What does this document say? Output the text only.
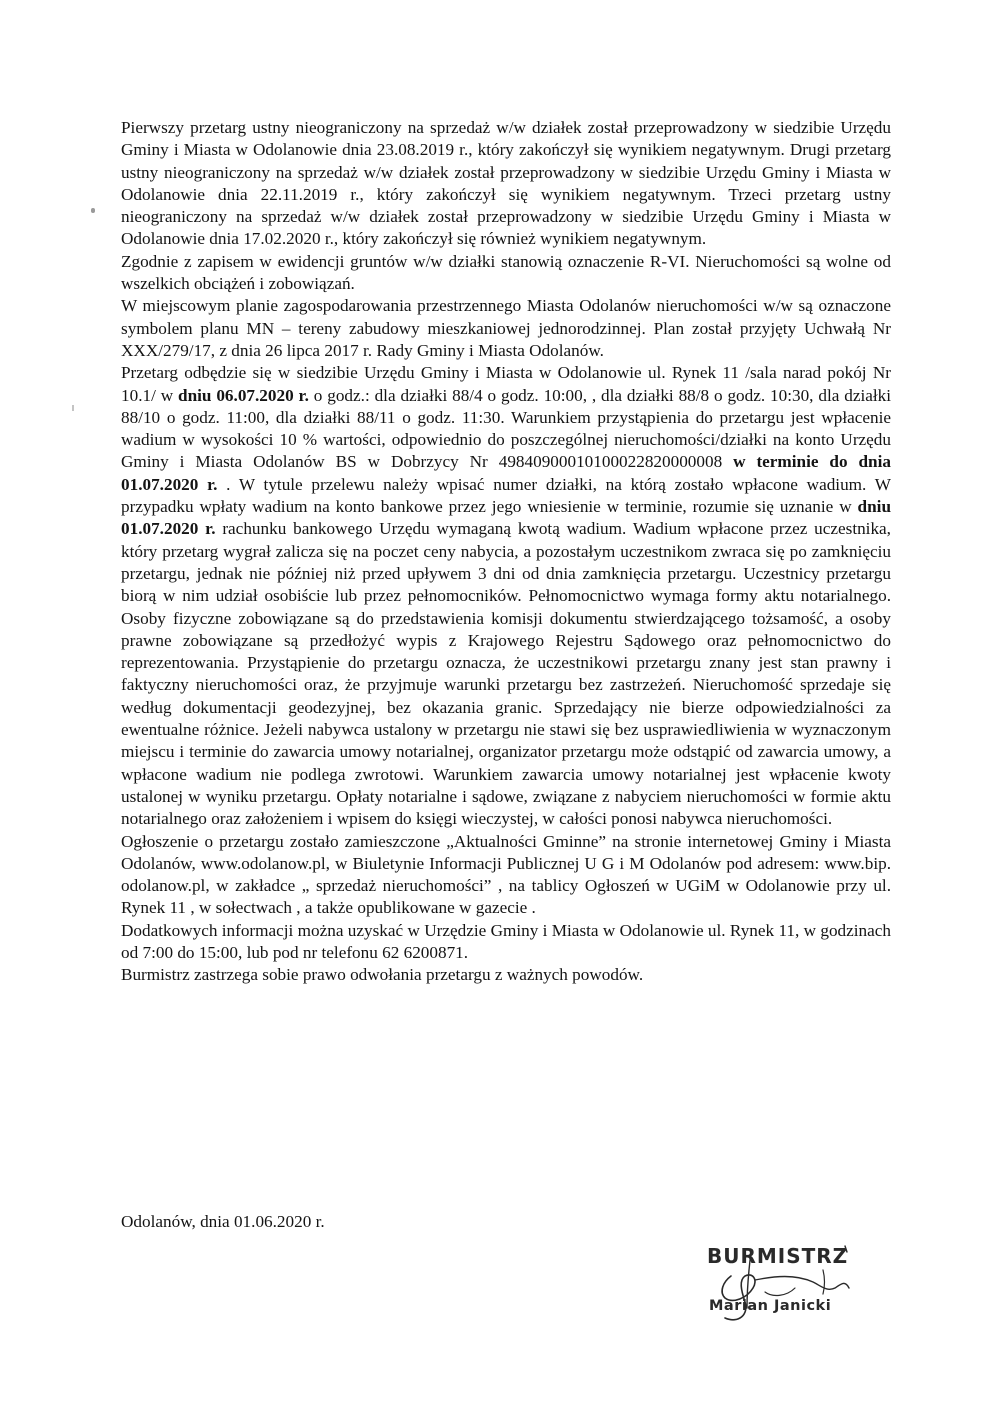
Pierwszy przetarg ustny nieograniczony na sprzedaż w/w działek został przeprowadzony w siedzibie Urzędu Gminy i Miasta w Odolanowie dnia 23.08.2019 r., który zakończył się wynikiem negatywnym. Drugi przetarg ustny nieograniczony na sprzedaż w/w działek został przeprowadzony w siedzibie Urzędu Gminy i Miasta w Odolanowie dnia 22.11.2019 r., który zakończył się wynikiem negatywnym. Trzeci przetarg ustny nieograniczony na sprzedaż w/w działek został przeprowadzony w siedzibie Urzędu Gminy i Miasta w Odolanowie dnia 17.02.2020 r., który zakończył się również wynikiem negatywnym.

Zgodnie z zapisem w ewidencji gruntów w/w działki stanowią oznaczenie R-VI. Nieruchomości są wolne od wszelkich obciążeń i zobowiązań.

W miejscowym planie zagospodarowania przestrzennego Miasta Odolanów nieruchomości w/w są oznaczone symbolem planu MN – tereny zabudowy mieszkaniowej jednorodzinnej. Plan został przyjęty Uchwałą Nr XXX/279/17, z dnia 26 lipca 2017 r. Rady Gminy i Miasta Odolanów.

Przetarg odbędzie się w siedzibie Urzędu Gminy i Miasta w Odolanowie ul. Rynek 11 /sala narad pokój Nr 10.1/ w dniu 06.07.2020 r. o godz.: dla działki 88/4 o godz. 10:00, , dla działki 88/8 o godz. 10:30, dla działki 88/10 o godz. 11:00, dla działki 88/11 o godz. 11:30. Warunkiem przystąpienia do przetargu jest wpłacenie wadium w wysokości 10 % wartości, odpowiednio do poszczególnej nieruchomości/działki na konto Urzędu Gminy i Miasta Odolanów BS w Dobrzycy Nr 49840900010100022820000008 w terminie do dnia 01.07.2020 r. . W tytule przelewu należy wpisać numer działki, na którą zostało wpłacone wadium. W przypadku wpłaty wadium na konto bankowe przez jego wniesienie w terminie, rozumie się uznanie w dniu 01.07.2020 r. rachunku bankowego Urzędu wymaganą kwotą wadium. Wadium wpłacone przez uczestnika, który przetarg wygrał zalicza się na poczet ceny nabycia, a pozostałym uczestnikom zwraca się po zamknięciu przetargu, jednak nie później niż przed upływem 3 dni od dnia zamknięcia przetargu. Uczestnicy przetargu biorą w nim udział osobiście lub przez pełnomocników. Pełnomocnictwo wymaga formy aktu notarialnego. Osoby fizyczne zobowiązane są do przedstawienia komisji dokumentu stwierdzającego tożsamość, a osoby prawne zobowiązane są przedłożyć wypis z Krajowego Rejestru Sądowego oraz pełnomocnictwo do reprezentowania. Przystąpienie do przetargu oznacza, że uczestnikowi przetargu znany jest stan prawny i faktyczny nieruchomości oraz, że przyjmuje warunki przetargu bez zastrzeżeń. Nieruchomość sprzedaje się według dokumentacji geodezyjnej, bez okazania granic. Sprzedający nie bierze odpowiedzialności za ewentualne różnice. Jeżeli nabywca ustalony w przetargu nie stawi się bez usprawiedliwienia w wyznaczonym miejscu i terminie do zawarcia umowy notarialnej, organizator przetargu może odstąpić od zawarcia umowy, a wpłacone wadium nie podlega zwrotowi. Warunkiem zawarcia umowy notarialnej jest wpłacenie kwoty ustalonej w wyniku przetargu. Opłaty notarialne i sądowe, związane z nabyciem nieruchomości w formie aktu notarialnego oraz założeniem i wpisem do księgi wieczystej, w całości ponosi nabywca nieruchomości.

Ogłoszenie o przetargu zostało zamieszczone „Aktualności Gminne” na stronie internetowej Gminy i Miasta Odolanów, www.odolanow.pl, w Biuletynie Informacji Publicznej U G i M Odolanów pod adresem: www.bip. odolanow.pl, w zakładce „ sprzedaż nieruchomości” , na tablicy Ogłoszeń w UGiM w Odolanowie przy ul. Rynek 11 , w sołectwach , a także opublikowane w gazecie .

Dodatkowych informacji można uzyskać w Urzędzie Gminy i Miasta w Odolanowie ul. Rynek 11, w godzinach od 7:00 do 15:00, lub pod nr telefonu 62 6200871.

Burmistrz zastrzega sobie prawo odwołania przetargu z ważnych powodów.

Odolanów, dnia 01.06.2020 r.

BURMISTRZ
Marian Janicki
